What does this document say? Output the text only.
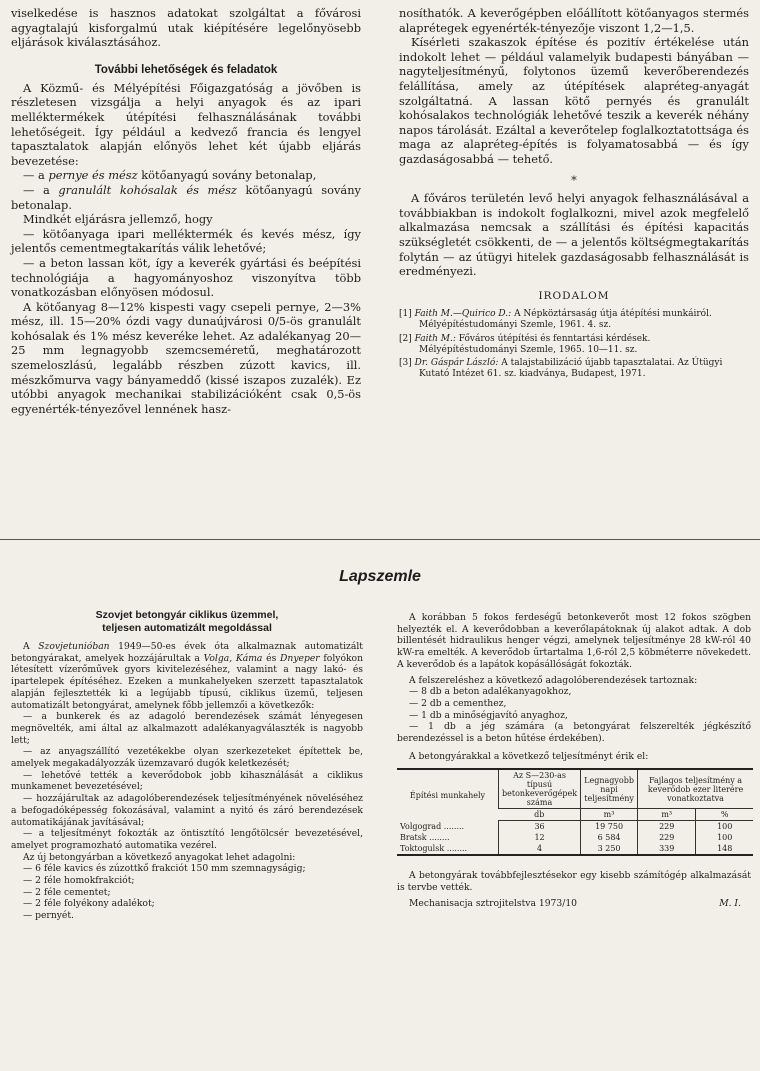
viselkedése is hasznos adatokat szolgáltat a fővárosi agyagtalajú kisforgalmú utak kiépítésére legelőnyösebb eljárások kiválasztásához.

További lehetőségek és feladatok

A Közmű- és Mélyépítési Főigazgatóság a jövőben is részletesen vizsgálja a helyi anyagok és az ipari melléktermékek útépítési felhasználásának további lehetőségeit. Így például a kedvező francia és lengyel tapasztalatok alapján előnyös lehet két újabb eljárás bevezetése:

— a pernye és mész kötőanyagú sovány betonalap,

— a granulált kohósalak és mész kötőanyagú sovány betonalap.

Mindkét eljárásra jellemző, hogy

— kötőanyaga ipari melléktermék és kevés mész, így jelentős cementmegtakarítás válik lehetővé;

— a beton lassan köt, így a keverék gyártási és beépítési technológiája a hagyományoshoz viszonyítva több vonatkozásban előnyösen módosul.

A kötőanyag 8—12% kispesti vagy csepeli pernye, 2—3% mész, ill. 15—20% ózdi vagy dunaújvárosi 0/5-ös granulált kohósalak és 1% mész keveréke lehet. Az adalékanyag 20—25 mm legnagyobb szemcseméretű, meghatározott szemeloszlású, legalább részben zúzott kavics, ill. mészkőmurva vagy bányameddő (kissé iszapos zuzalék). Ez utóbbi anyagok mechanikai stabilizációként csak 0,5-ös egyenérték-tényezővel lennének hasz-

nosíthatók. A keverőgépben előállított kötőanyagos stermés alaprétegek egyenérték-tényezője viszont 1,2—1,5.

Kísérleti szakaszok építése és pozitív értékelése után indokolt lehet — például valamelyik budapesti bányában — nagyteljesítményű, folytonos üzemű keverőberendezés felállítása, amely az útépítések alapréteg-anyagát szolgáltatná. A lassan kötő pernyés és granulált kohósalakos technológiák lehetővé teszik a keverék néhány napos tárolását. Ezáltal a keverőtelep foglalkoztatottsága és maga az alapréteg-építés is folyamatosabbá — és így gazdaságosabbá — tehető.

*

A főváros területén levő helyi anyagok felhasználásával a továbbiakban is indokolt foglalkozni, mivel azok megfelelő alkalmazása nemcsak a szállítási és építési kapacitás szükségletét csökkenti, de — a jelentős költségmegtakarítás folytán — az útügyi hitelek gazdaságosabb felhasználását is eredményezi.

IRODALOM

[1] Faith M.—Quirico D.: A Népköztársaság útja átépítési munkáiról. Mélyépítéstudományi Szemle, 1961. 4. sz.

[2] Faith M.: Főváros útépítési és fenntartási kérdések. Mélyépítéstudományi Szemle, 1965. 10—11. sz.

[3] Dr. Gáspár László: A talajstabilizáció újabb tapasztalatai. Az Útügyi Kutató Intézet 61. sz. kiadványa, Budapest, 1971.

Lapszemle
Szovjet betongyár ciklikus üzemmel,
teljesen automatizált megoldással

A Szovjetunióban 1949—50-es évek óta alkalmaznak automatizált betongyárakat, amelyek hozzájárultak a Volga, Káma és Dnyeper folyókon létesített vízerőművek gyors kivitelezéséhez, valamint a nagy lakó- és ipartelepek építéséhez. Ezeken a munkahelyeken szerzett tapasztalatok alapján fejlesztették ki a legújabb típusú, ciklikus üzemű, teljesen automatizált betongyárat, amelynek főbb jellemzői a következők:

— a bunkerek és az adagoló berendezések számát lényegesen megnövelték, ami által az alkalmazott adalékanyagválaszték is nagyobb lett;

— az anyagszállító vezetékekbe olyan szerkezeteket építettek be, amelyek megakadályozzák üzemzavaró dugók keletkezését;

— lehetővé tették a keverődobok jobb kihasználását a ciklikus munkamenet bevezetésével;

— hozzájárultak az adagolóberendezések teljesítményének növeléséhez a befogadóképesség fokozásával, valamint a nyitó és záró berendezések automatikájának javításával;

— a teljesítményt fokozták az öntisztító lengőtölcsér bevezetésével, amelyet programozható automatika vezérel.

Az új betongyárban a következő anyagokat lehet adagolni:

— 6 féle kavics és zúzottkő frakciót 150 mm szemnagyságig;

— 2 féle homokfrakciót;

— 2 féle cementet;

— 2 féle folyékony adalékot;

— pernyét.

A korábban 5 fokos ferdeségű betonkeverőt most 12 fokos szögben helyezték el. A keverődobban a keverőlapátoknak új alakot adtak. A dob billentését hidraulikus henger végzi, amelynek teljesítménye 28 kW-ról 40 kW-ra emelték. A keverődob űrtartalma 1,6-ról 2,5 köbméterre növekedett. A keverődob és a lapátok kopásállóságát fokozták.

A felszereléshez a következő adagolóberendezések tartoznak:

— 8 db a beton adalékanyagokhoz,

— 2 db a cementhez,

— 1 db a minőségjavító anyaghoz,

— 1 db a jég számára (a betongyárat felszerelték jégkészítő berendezéssel is a beton hűtése érdekében).

A betongyárakkal a következő teljesítményt érik el:

Építési munkahely	Az S—230-as típusú betonkeverőgépek száma	Legnagyobb napi teljesítmény	Fajlagos teljesítmény a keverődob ezer literére vonatkoztatva	
	db	m³	m³	%
Volgograd ........	36	19 750	229	100
Bratsk ........	12	6 584	229	100
Toktogulsk ........	4	3 250	339	148

A betongyárak továbbfejlesztésekor egy kisebb számítógép alkalmazását is tervbe vették.

Mechanisacja sztrojitelstva 1973/10	M. I.
